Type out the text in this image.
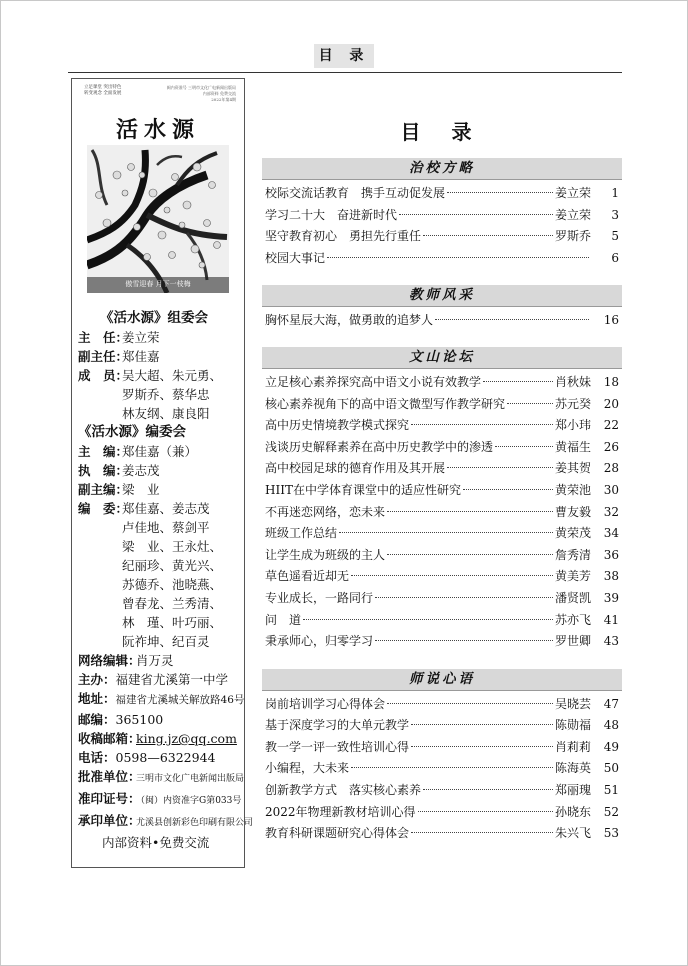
目 录
立足课堂 突出特色
转变观念 全面发展
闽内资准号 三明市文化广电新闻出版局
内部资料 免费交流
2022年第4期
活水源
傲雪迎春 月下一枝梅
《活水源》组委会
主　任：姜立荣
副主任：郑佳嘉
成　员：吴大超、朱元勇、
罗斯乔、蔡华忠
林友纲、康良阳
《活水源》编委会
主　编：郑佳嘉（兼）
执　编：姜志茂
副主编：梁　业
编　委：郑佳嘉、姜志茂
卢佳地、蔡剑平
梁　业、王永灶、
纪丽珍、黄光兴、
苏德乔、池晓燕、
曾春龙、兰秀清、
林　瑾、叶巧丽、
阮祚坤、纪百灵
网络编辑：肖万灵
主办：福建省尤溪第一中学
地址：福建省尤溪城关解放路46号
邮编：365100
收稿邮箱：king.jz@qq.com
电话：0598—6322944
批准单位：三明市文化广电新闻出版局
准印证号：（闽）内资准字G第033号
承印单位：尤溪县创新彩色印刷有限公司
内部资料•免费交流
目 录
治校方略
校际交流话教育　携手互动促发展	姜立荣	1
学习二十大　奋进新时代	姜立荣	3
坚守教育初心　勇担先行重任	罗斯乔	5
校园大事记	6
教师风采
胸怀星辰大海，做勇敢的追梦人	16
文山论坛
立足核心素养探究高中语文小说有效教学	肖秋妹	18
核心素养视角下的高中语文微型写作教学研究	苏元癸	20
高中历史情境教学模式探究	郑小玮	22
浅谈历史解释素养在高中历史教学中的渗透	黄福生	26
高中校园足球的德育作用及其开展	姜其贺	28
HIIT在中学体育课堂中的适应性研究	黄荣池	30
不再迷恋网络，恋未来	曹友毅	32
班级工作总结	黄荣茂	34
让学生成为班级的主人	詹秀清	36
草色遥看近却无	黄美芳	38
专业成长，一路同行	潘贤凯	39
问　道	苏亦飞	41
秉承师心，归零学习	罗世卿	43
师说心语
岗前培训学习心得体会	吴晓芸	47
基于深度学习的大单元教学	陈勋福	48
教一学一评一致性培训心得	肖莉莉	49
小编程，大未来	陈海英	50
创新教学方式　落实核心素养	郑丽瑰	51
2022年物理新教材培训心得	孙晓东	52
教育科研课题研究心得体会	朱兴飞	53
